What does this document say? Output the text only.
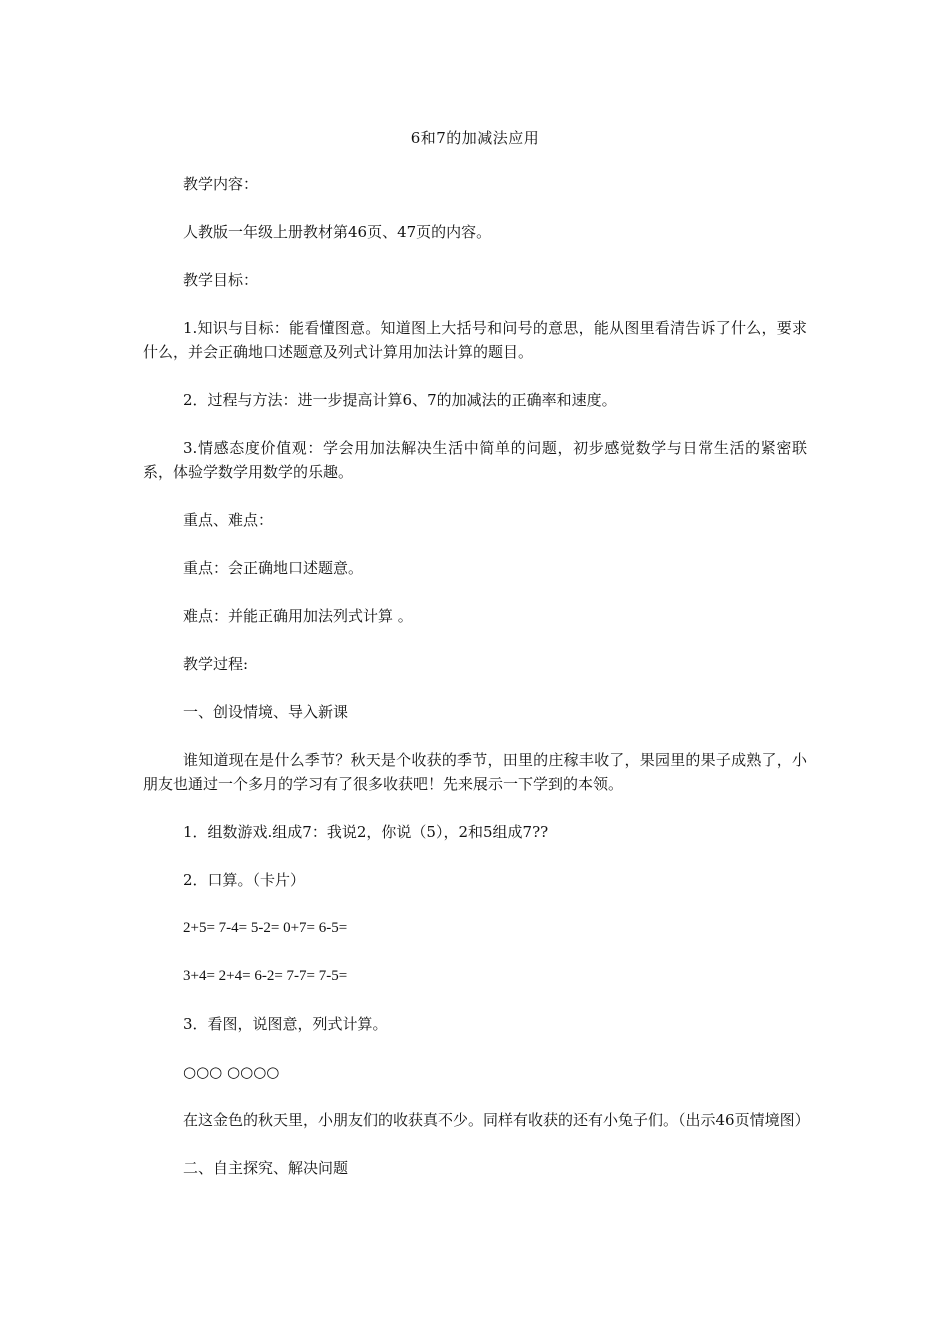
6和7的加减法应用

教学内容：

人教版一年级上册教材第46页、47页的内容。

教学目标：

1.知识与目标：能看懂图意。知道图上大括号和问号的意思，能从图里看清告诉了什么，要求什么，并会正确地口述题意及列式计算用加法计算的题目。

2．过程与方法：进一步提高计算6、7的加减法的正确率和速度。

3.情感态度价值观：学会用加法解决生活中简单的问题，初步感觉数学与日常生活的紧密联系，体验学数学用数学的乐趣。

重点、难点：

重点：会正确地口述题意。

难点：并能正确用加法列式计算 。

教学过程:

一、创设情境、导入新课

谁知道现在是什么季节？秋天是个收获的季节，田里的庄稼丰收了，果园里的果子成熟了，小朋友也通过一个多月的学习有了很多收获吧！先来展示一下学到的本领。

1．组数游戏.组成7：我说2，你说（5），2和5组成7??

2．口算。（卡片）

2+5= 7-4= 5-2= 0+7= 6-5=

3+4= 2+4= 6-2= 7-7= 7-5=

3．看图，说图意，列式计算。

○○○ ○○○○

在这金色的秋天里，小朋友们的收获真不少。同样有收获的还有小兔子们。（出示46页情境图）

二、自主探究、解决问题
